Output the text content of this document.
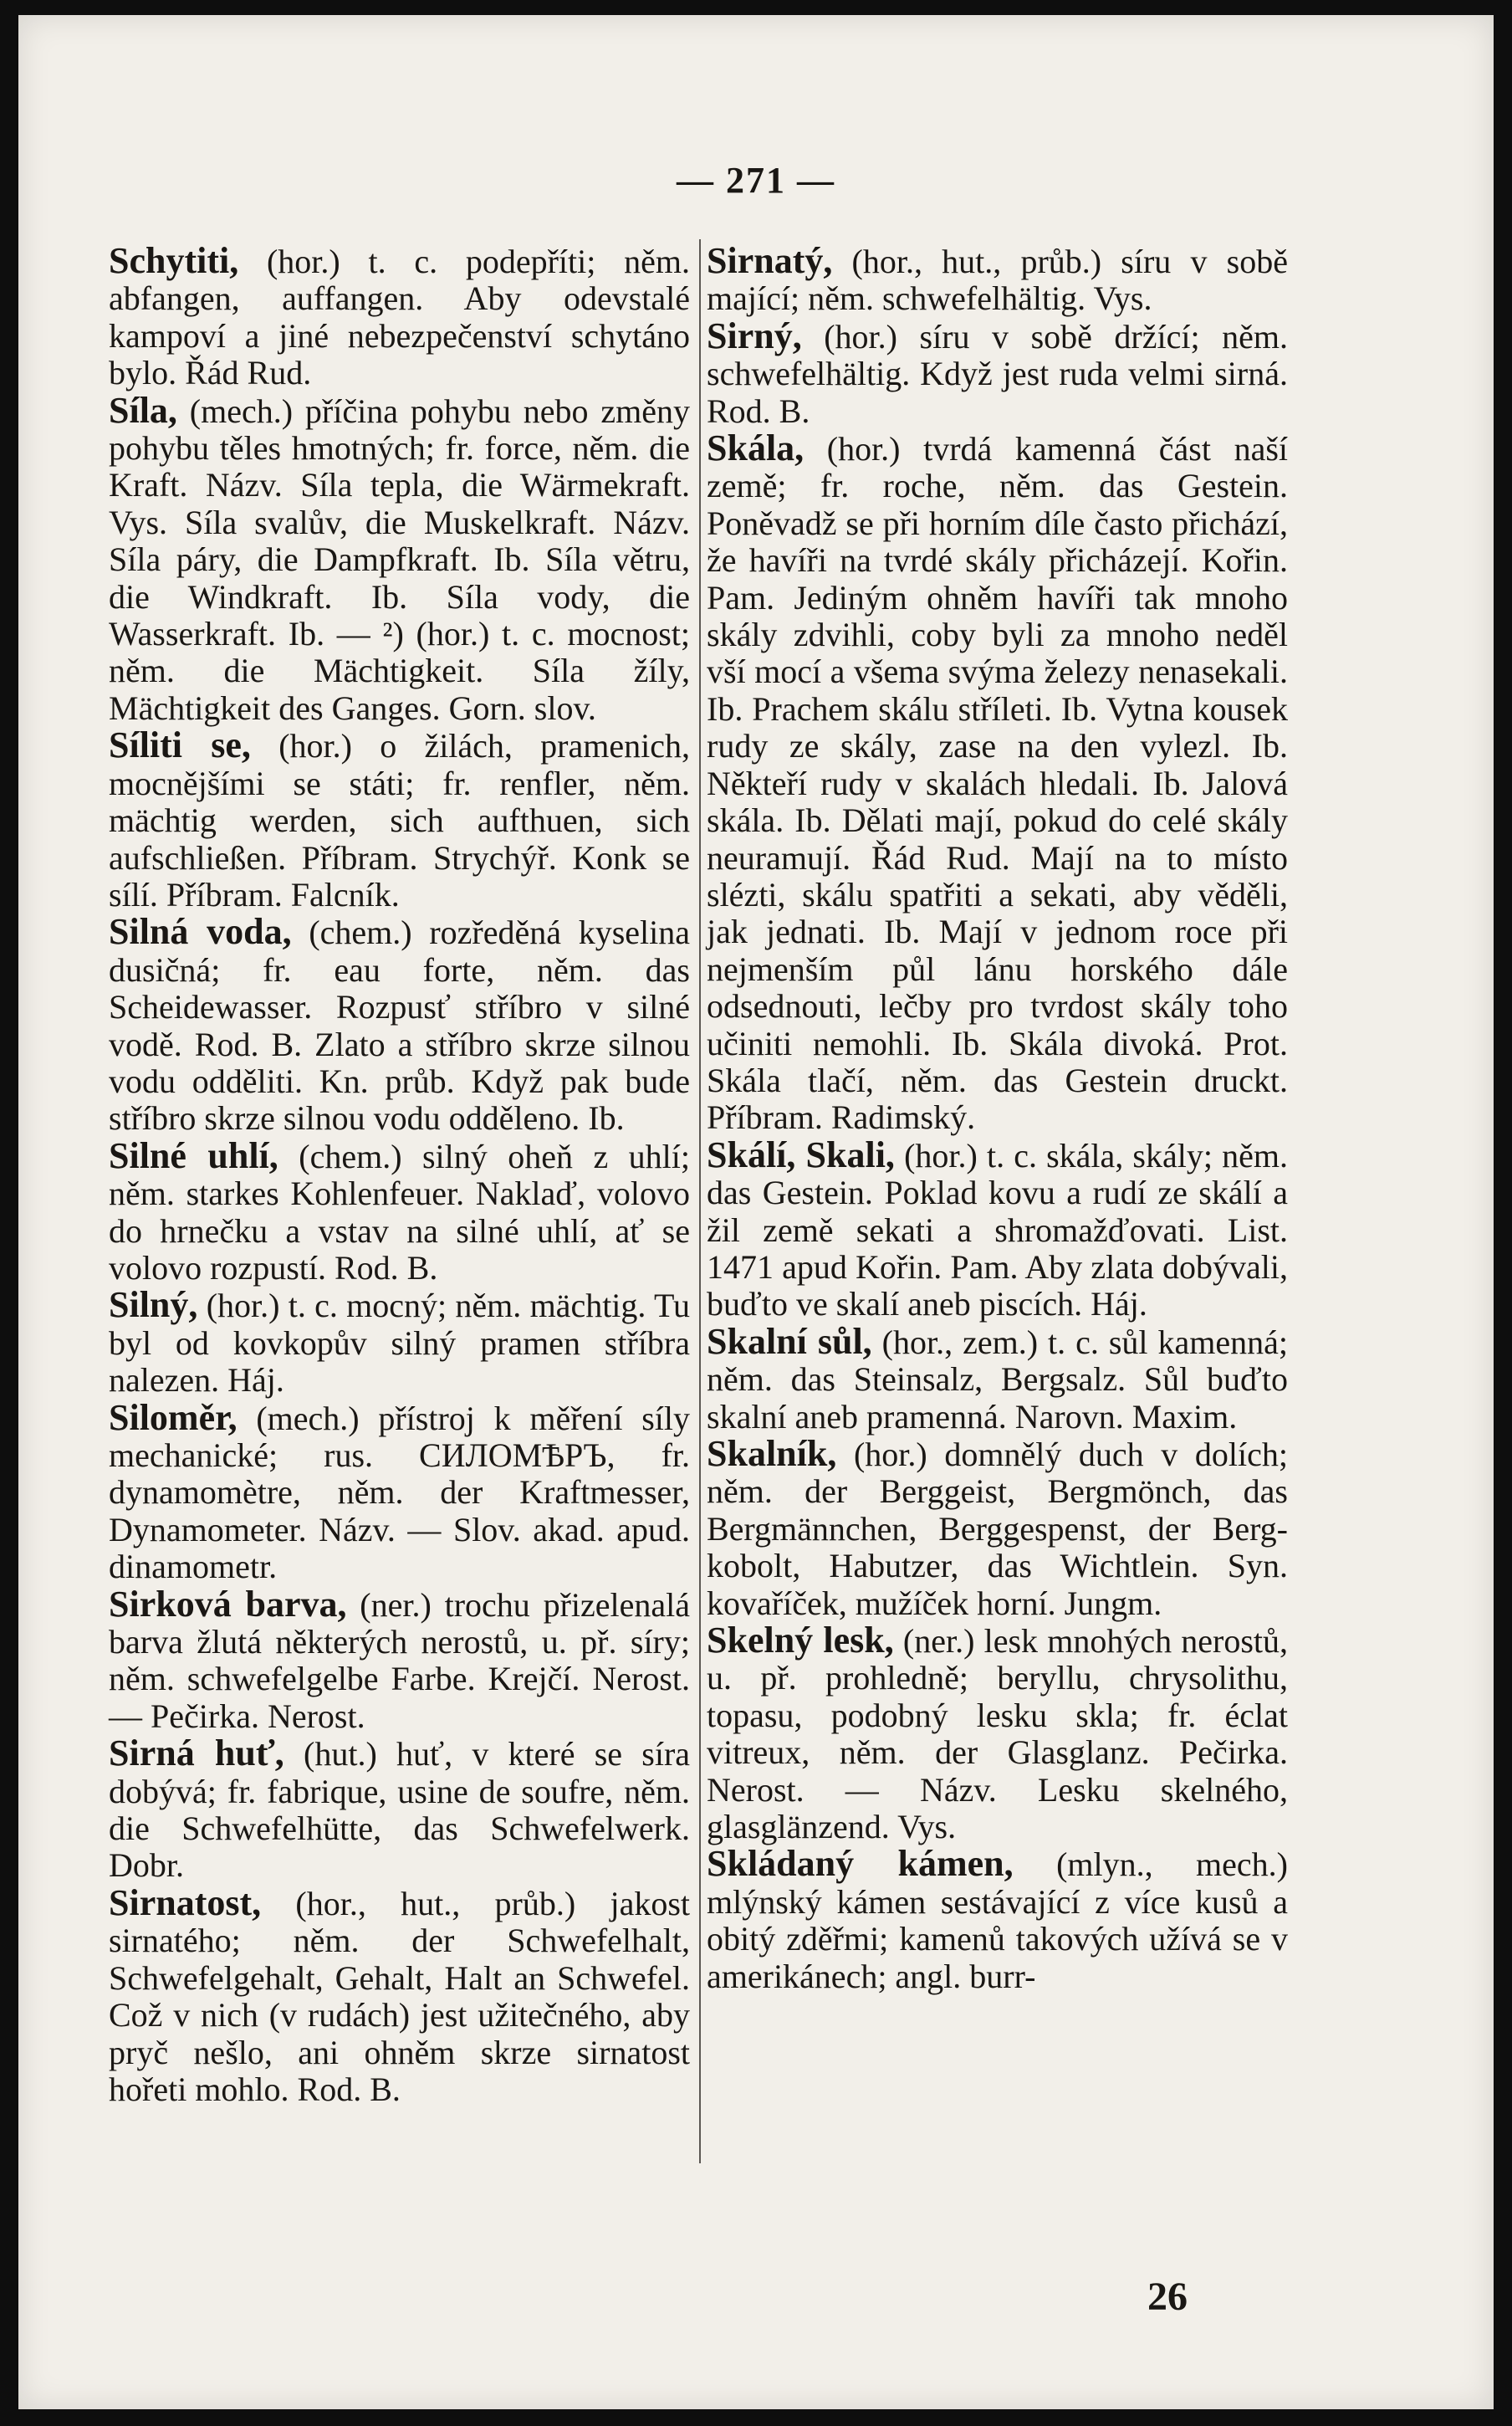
— 271 —

Schytiti, (hor.) t. c. podepříti; něm. abfangen, auffangen. Aby odevstalé kampoví a jiné nebezpečenství schytáno bylo. Řád Rud.

Síla, (mech.) příčina pohybu nebo změny pohybu těles hmotných; fr. force, něm. die Kraft. Názv. Síla tepla, die Wärmekraft. Vys. Síla svalův, die Muskelkraft. Názv. Síla páry, die Dampfkraft. Ib. Síla větru, die Windkraft. Ib. Síla vody, die Wasserkraft. Ib. — ²) (hor.) t. c. mocnost; něm. die Mächtigkeit. Síla žíly, Mächtigkeit des Ganges. Gorn. slov.

Síliti se, (hor.) o žilách, pramenich, mocnějšími se státi; fr. renfler, něm. mächtig werden, sich aufthuen, sich aufschließen. Příbram. Strychýř. Konk se sílí. Příbram. Falcník.

Silná voda, (chem.) rozředěná kyselina dusičná; fr. eau forte, něm. das Scheidewasser. Rozpusť stříbro v silné vodě. Rod. B. Zlato a stříbro skrze silnou vodu odděliti. Kn. průb. Když pak bude stříbro skrze silnou vodu odděleno. Ib.

Silné uhlí, (chem.) silný oheň z uhlí; něm. starkes Kohlenfeuer. Naklaď, volovo do hrnečku a vstav na silné uhlí, ať se volovo rozpustí. Rod. B.

Silný, (hor.) t. c. mocný; něm. mächtig. Tu byl od kovkopův silný pramen stříbra nalezen. Háj.

Siloměr, (mech.) přístroj k měření síly mechanické; rus. СИЛОМѢРЪ, fr. dynamomètre, něm. der Kraftmesser, Dynamometer. Názv. — Slov. akad. apud. dinamometr.

Sirková barva, (ner.) trochu přizelenalá barva žlutá některých nerostů, u. př. síry; něm. schwefelgelbe Farbe. Krejčí. Nerost. — Pečirka. Nerost.

Sirná huť, (hut.) huť, v které se síra dobývá; fr. fabrique, usine de soufre, něm. die Schwefelhütte, das Schwefelwerk. Dobr.

Sirnatost, (hor., hut., průb.) jakost sirnatého; něm. der Schwefelhalt, Schwefelgehalt, Gehalt, Halt an Schwefel. Což v nich (v rudách) jest užitečného, aby pryč nešlo, ani ohněm skrze sirnatost hořeti mohlo. Rod. B.

Sirnatý, (hor., hut., průb.) síru v sobě mající; něm. schwefelhältig. Vys.

Sirný, (hor.) síru v sobě držící; něm. schwefelhältig. Když jest ruda velmi sirná. Rod. B.

Skála, (hor.) tvrdá kamenná část naší země; fr. roche, něm. das Gestein. Poněvadž se při horním díle často přichází, že havíři na tvrdé skály přicházejí. Kořin. Pam. Jediným ohněm havíři tak mnoho skály zdvihli, coby byli za mnoho neděl vší mocí a všema svýma železy nenasekali. Ib. Prachem skálu stříleti. Ib. Vytna kousek rudy ze skály, zase na den vylezl. Ib. Někteří rudy v skalách hledali. Ib. Jalová skála. Ib. Dělati mají, pokud do celé skály neuramují. Řád Rud. Mají na to místo slézti, skálu spatřiti a sekati, aby věděli, jak jednati. Ib. Mají v jednom roce při nejmenším půl lánu horského dále odsednouti, lečby pro tvrdost skály toho učiniti nemohli. Ib. Skála divoká. Prot. Skála tlačí, něm. das Gestein druckt. Příbram. Radimský.

Skálí, Skali, (hor.) t. c. skála, skály; něm. das Gestein. Poklad kovu a rudí ze skálí a žil země sekati a shromažďovati. List. 1471 apud Kořin. Pam. Aby zlata dobývali, buďto ve skalí aneb piscích. Háj.

Skalní sůl, (hor., zem.) t. c. sůl kamenná; něm. das Steinsalz, Bergsalz. Sůl buďto skalní aneb pramenná. Narovn. Maxim.

Skalník, (hor.) domnělý duch v dolích; něm. der Berggeist, Bergmönch, das Bergmännchen, Berggespenst, der Berg-kobolt, Habutzer, das Wichtlein. Syn. kovaříček, mužíček horní. Jungm.

Skelný lesk, (ner.) lesk mnohých nerostů, u. př. prohledně; beryllu, chrysolithu, topasu, podobný lesku skla; fr. éclat vitreux, něm. der Glasglanz. Pečirka. Nerost. — Názv. Lesku skelného, glasglänzend. Vys.

Skládaný kámen, (mlyn., mech.) mlýnský kámen sestávající z více kusů a obitý zděřmi; kamenů takových užívá se v amerikánech; angl. burr-

26
